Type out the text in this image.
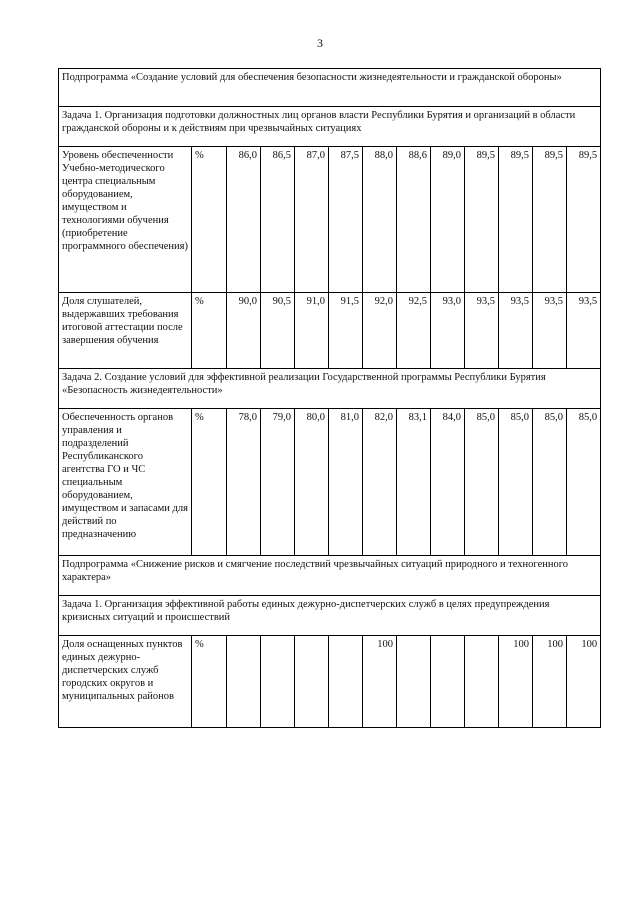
3
Подпрограмма «Создание условий для обеспечения безопасности жизнедеятельности и гражданской обороны»												
Задача 1. Организация подготовки должностных лиц органов власти Республики Бурятия и организаций в области гражданской обороны и к действиям при чрезвычайных ситуациях												
Уровень обеспеченности Учебно-методического центра специальным оборудованием, имуществом и технологиями обучения (приобретение программного обеспечения)	%	86,0	86,5	87,0	87,5	88,0	88,6	89,0	89,5	89,5	89,5	89,5
Доля слушателей, выдержавших требования итоговой аттестации после завершения обучения	%	90,0	90,5	91,0	91,5	92,0	92,5	93,0	93,5	93,5	93,5	93,5
Задача 2. Создание условий для эффективной реализации Государственной программы Республики Бурятия «Безопасность жизнедеятельности»												
Обеспеченность органов управления и подразделений Республиканского агентства ГО и ЧС специальным оборудованием, имуществом и запасами для действий по предназначению	%	78,0	79,0	80,0	81,0	82,0	83,1	84,0	85,0	85,0	85,0	85,0
Подпрограмма «Снижение рисков и смягчение последствий чрезвычайных ситуаций природного и техногенного характера»												
Задача 1. Организация эффективной работы единых дежурно-диспетчерских служб в целях предупреждения кризисных ситуаций и происшествий												
Доля оснащенных пунктов единых дежурно-диспетчерских служб городских округов и муниципальных районов	%					100				100	100	100
